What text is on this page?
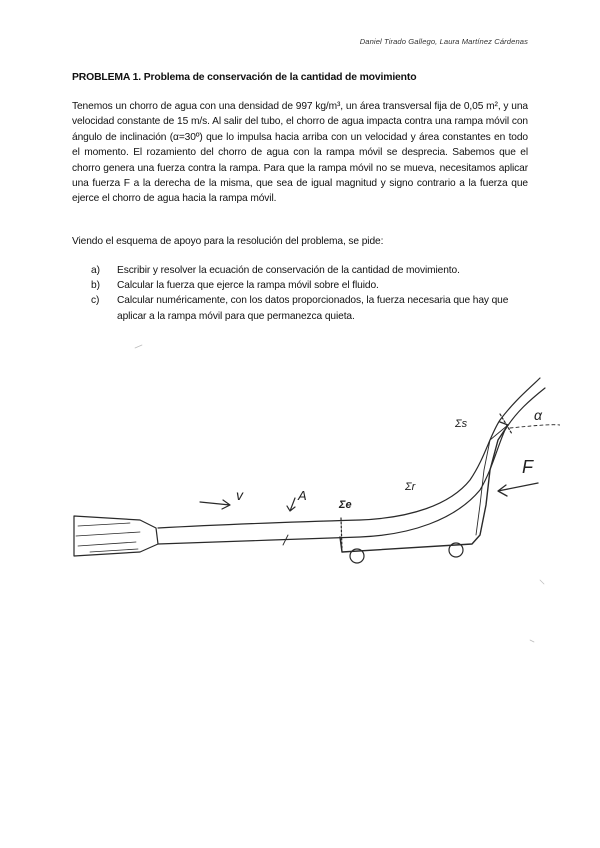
Daniel Tirado Gallego, Laura Martínez Cárdenas
PROBLEMA 1. Problema de conservación de la cantidad de movimiento

Tenemos un chorro de agua con una densidad de 997 kg/m³, un área transversal fija de 0,05 m², y una velocidad constante de 15 m/s. Al salir del tubo, el chorro de agua impacta contra una rampa móvil con ángulo de inclinación (α=30º) que lo impulsa hacia arriba con un velocidad y área constantes en todo el momento. El rozamiento del chorro de agua con la rampa móvil se desprecia. Sabemos que el chorro genera una fuerza contra la rampa. Para que la rampa móvil no se mueva, necesitamos aplicar una fuerza F a la derecha de la misma, que sea de igual magnitud y signo contrario a la fuerza que ejerce el chorro de agua hacia la rampa móvil.

Viendo el esquema de apoyo para la resolución del problema, se pide:

a)	Escribir y resolver la ecuación de conservación de la cantidad de movimiento.
b)	Calcular la fuerza que ejerce la rampa móvil sobre el fluido.
c)	Calcular numéricamente, con los datos proporcionados, la fuerza necesaria que hay que aplicar a la rampa móvil para que permanezca quieta.
v	A
Σe
Σr
Σs
α
F
